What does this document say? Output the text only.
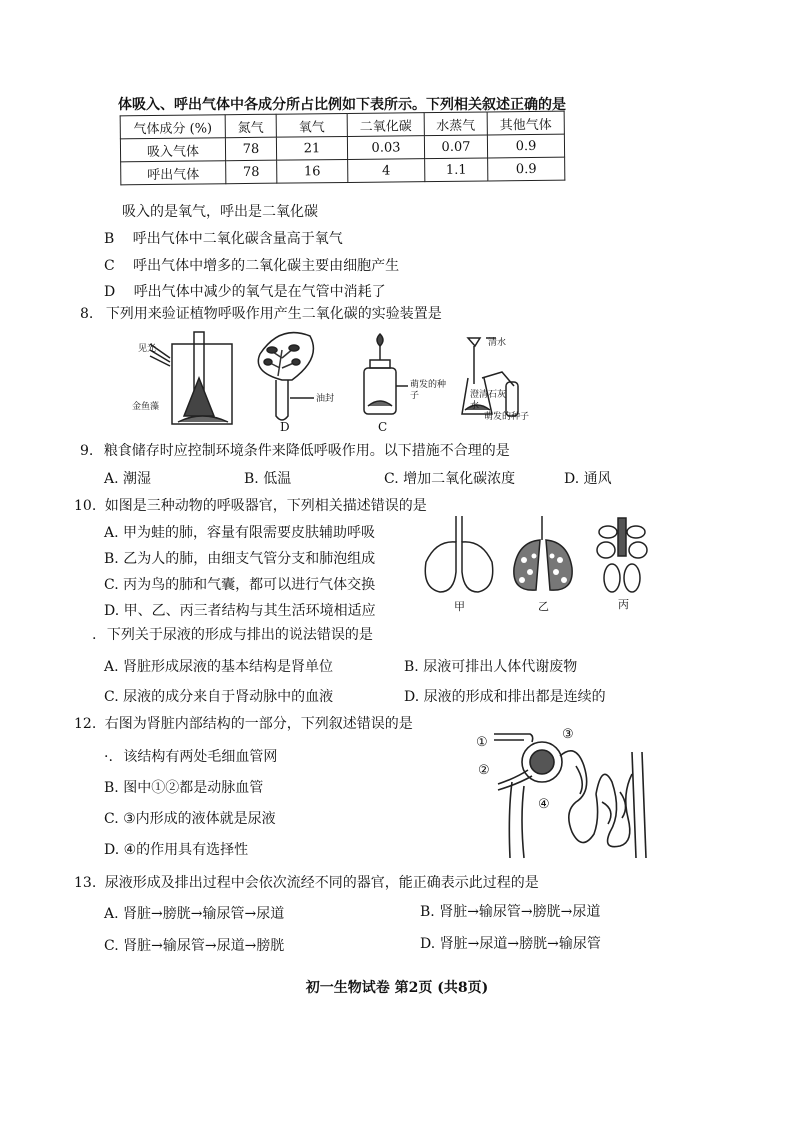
体吸入、呼出气体中各成分所占比例如下表所示。下列相关叙述正确的是
气体成分 (%)	氮气	氧气	二氧化碳	水蒸气	其他气体
吸入气体	78	21	0.03	0.07	0.9
呼出气体	78	16	4	1.1	0.9
吸入的是氧气，呼出是二氧化碳
B 呼出气体中二氧化碳含量高于氧气
C 呼出气体中增多的二氧化碳主要由细胞产生
D 呼出气体中减少的氧气是在气管中消耗了
8. 下列用来验证植物呼吸作用产生二氧化碳的实验装置是
见光
金鱼藻
油封
D
萌发的种子
C
清水
澄清石灰水
萌发的种子
9. 粮食储存时应控制环境条件来降低呼吸作用。以下措施不合理的是
A. 潮湿	B. 低温	C. 增加二氧化碳浓度	D. 通风
10. 如图是三种动物的呼吸器官，下列相关描述错误的是
A. 甲为蛙的肺，容量有限需要皮肤辅助呼吸
B. 乙为人的肺，由细支气管分支和肺泡组成
C. 丙为鸟的肺和气囊，都可以进行气体交换
D. 甲、乙、丙三者结构与其生活环境相适应	甲	乙	丙
. 下列关于尿液的形成与排出的说法错误的是
A. 肾脏形成尿液的基本结构是肾单位	B. 尿液可排出人体代谢废物
C. 尿液的成分来自于肾动脉中的血液	D. 尿液的形成和排出都是连续的
12. 右图为肾脏内部结构的一部分，下列叙述错误的是
·. 该结构有两处毛细血管网
B. 图中①②都是动脉血管
C. ③内形成的液体就是尿液
D. ④的作用具有选择性
①
②
③
④
13. 尿液形成及排出过程中会依次流经不同的器官，能正确表示此过程的是
A. 肾脏→膀胱→输尿管→尿道	B. 肾脏→输尿管→膀胱→尿道
C. 肾脏→输尿管→尿道→膀胱	D. 肾脏→尿道→膀胱→输尿管
初一生物试卷 第2页 (共8页)
